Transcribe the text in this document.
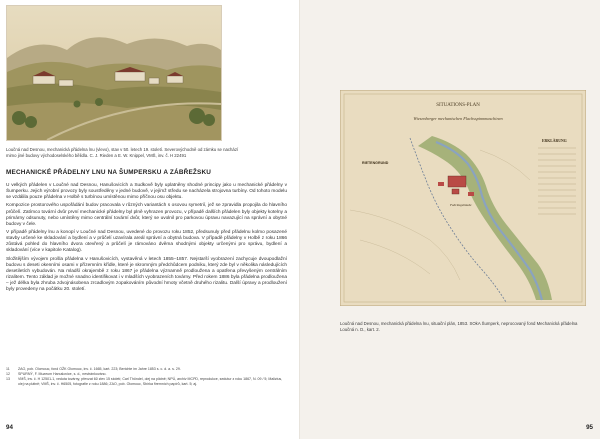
Loučná nad Desnou, mechanická přádelna lnu (vlevo), stav v 50. letech 19. století. Severovýchodně od zámku se nachází mimo jiné budovy východoselského bělidla. C. J. Rieden a E. W. Knippel, VMŠ, inv. č. H 22491
MECHANICKÉ PŘÁDELNY LNU NA ŠUMPERSKU A ZÁBŘEŽSKU

U velkých přádelen v Loučné nad Desnou, Hanušovicích a Sudkově byly uplatněny shodné principy jako u mechanické přádelny v Šumperku. Jejich výrobní provozy byly soustředěny v jedné budově, v jejímž středu se nacházela strojovna turbíny. Od tohoto modelu se vzdálila pouze přádelna v Holbě s turbínou umístěnou mimo příčnou osu objektu.

Kompozice prostorového uspořádání budov pracovala v různých variantách s osovou symetrií, jež se zpravidla propojila do hlavního průčelí. Zatímco tovární dvůr první mechanické přádelny byl plně vyhrazen provozu, v případě dalších přádelen byly objekty kotelny a primárny odsunuty, nebo umístěny mimo centrální tovární dvůr, který se uvolnil pro parkovou úpravu navazující na správní a obytné budovy v čele.

V případě přádelny lnu a konopí v Loučné nad Desnou, uvedené do provozu roku 1852, předsunuly před přádelnu kolmo posazené stavby určené ke skladování a bydlení a v průčelí uzavírala areál správní a obytná budova. V případě přádelny v Holbě z roku 1866 zůstává pohled do hlavního dvora otevřený a průčelí je rámováno dvěma shodnými objekty určenými pro správu, bydlení a skladování (více v kapitole Katalog).

Složitějším vývojem prošla přádelna v Hanušovicích, vystavěná v letech 1855–1857. Nejstarší vyobrazení zachycuje dvoupodlažní budovu s deseti okenními osami v přízemním křídle, které je skromným předchůdcem podniku, který zde byl v několika následujících desetiletích vybudován. Na mladší okrajembě z roku 1867 je přádelna významně prodloužena a opatřena převyšeným centrálním rizalitem. Tento základ je možné snadno identifikovat i v mladších vyobrazeních továrny. Před rokem 1886 byla přádelna prodloužena – jež délka byla zhruba zdvojnásobena zrcadlovým zopakováním původní hmoty včetně druhého rizalitu. Další úpravy a prodloužení byly provedeny na počátku 20. století.

11	ZAO, pob. Olomouc, fond OŽK Olomouc, inv. č. 1665, kart. 223; Berichte im Jahre 1853 s. c. d. a. s. 29.
12	SPURNÝ, F. Muzeum Hanušovice, s. d., nestránkováno.
13	VMŠ, inv. č. H 12501-1, veduta továrny, převzat 60 zlev 15 století; Carl Thöndel, olej na plátně; NPÚ, archiv MCPD, reprodukce, sedutur z roku 1867, N. 09 / 5; Malizius, olej na plátně; VMŠ, inv. č. H6505, fotografie z roku 1886; ZAO, pob. Olomouc, Sbírka firemních papírů, kart. 5; aj.
94
SITUATIONS-PLAN
Wiesenberger mechanischen Flachsspinnmaschinen
RIETENGRUND
Fabriksgebäude
ERKLÄRUNG
Loučná nad Desnou, mechanická přádelna lnu, situační plán, 1853. SOkA Šumperk, neprocovaný fond Mechanická přádelna Loučná n. D., kart. 2.
95
